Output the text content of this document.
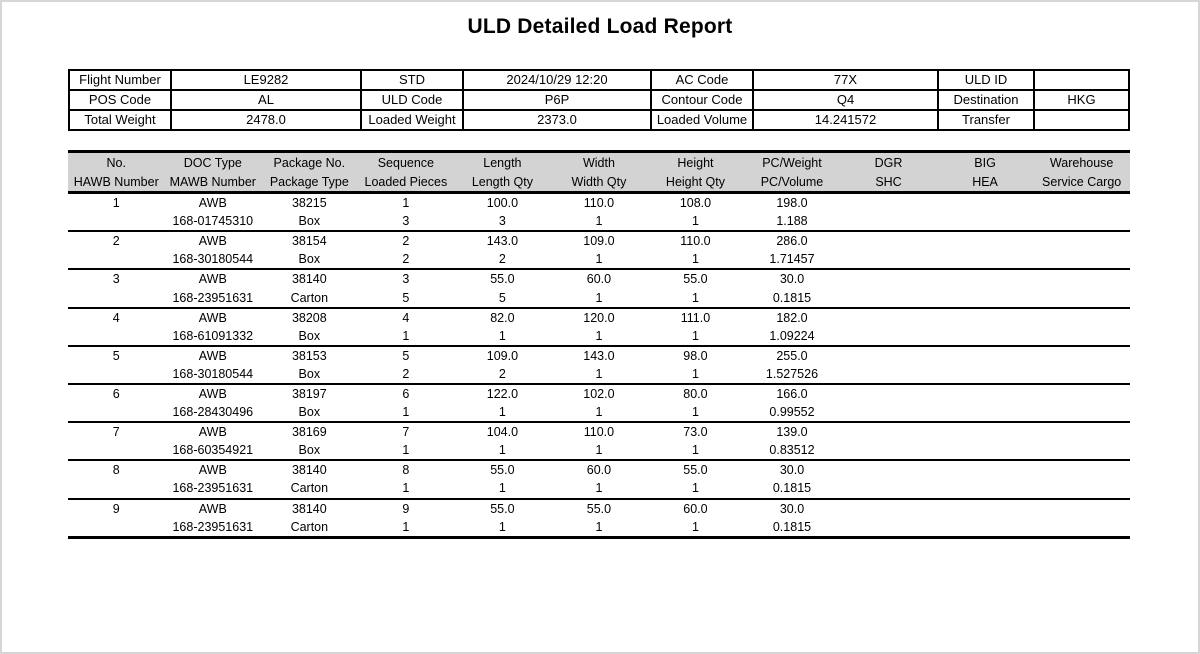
ULD Detailed Load Report
Flight Number	LE9282	STD	2024/10/29 12:20	AC Code	77X	ULD ID	
POS Code	AL	ULD Code	P6P	Contour Code	Q4	Destination	HKG
Total Weight	2478.0	Loaded Weight	2373.0	Loaded Volume	14.241572	Transfer	
No.	DOC Type	Package No.	Sequence	Length	Width	Height	PC/Weight	DGR	BIG	Warehouse
HAWB Number	MAWB Number	Package Type	Loaded Pieces	Length Qty	Width Qty	Height Qty	PC/Volume	SHC	HEA	Service Cargo
1	AWB	38215	1	100.0	110.0	108.0	198.0			
	168-01745310	Box	3	3	1	1	1.188			
2	AWB	38154	2	143.0	109.0	110.0	286.0			
	168-30180544	Box	2	2	1	1	1.71457			
3	AWB	38140	3	55.0	60.0	55.0	30.0			
	168-23951631	Carton	5	5	1	1	0.1815			
4	AWB	38208	4	82.0	120.0	111.0	182.0			
	168-61091332	Box	1	1	1	1	1.09224			
5	AWB	38153	5	109.0	143.0	98.0	255.0			
	168-30180544	Box	2	2	1	1	1.527526			
6	AWB	38197	6	122.0	102.0	80.0	166.0			
	168-28430496	Box	1	1	1	1	0.99552			
7	AWB	38169	7	104.0	110.0	73.0	139.0			
	168-60354921	Box	1	1	1	1	0.83512			
8	AWB	38140	8	55.0	60.0	55.0	30.0			
	168-23951631	Carton	1	1	1	1	0.1815			
9	AWB	38140	9	55.0	55.0	60.0	30.0			
	168-23951631	Carton	1	1	1	1	0.1815			
